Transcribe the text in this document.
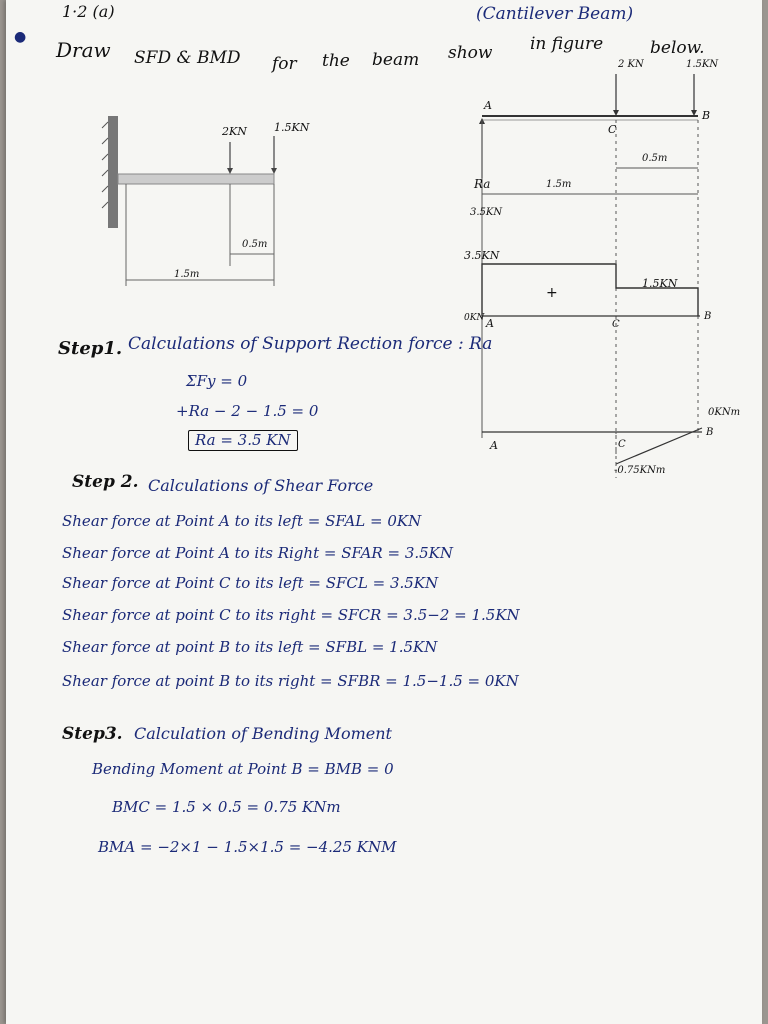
1·2 (a)	(Cantilever Beam)
●
Draw SFD & BMD for the beam show in figure	below.
2KN 1.5KN
0.5m
1.5m
A
2 KN	1.5KN
B
C
0.5m
Ra	1.5m
3.5KN
3.5KN
+
1.5KN
0KN A	C
B
0KNm
A	C
B
-0.75KNm
Step1. Calculations of Support Rection force : Ra
ΣFy = 0
+Ra − 2 − 1.5 = 0
Ra = 3.5 KN
Step 2. Calculations of Shear Force
Shear force at Point A to its left = SFAL = 0KN
Shear force at Point A to its Right = SFAR = 3.5KN
Shear force at Point C to its left = SFCL = 3.5KN
Shear force at point C to its right = SFCR = 3.5−2 = 1.5KN
Shear force at point B to its left = SFBL = 1.5KN
Shear force at point B to its right = SFBR = 1.5−1.5 = 0KN
Step3. Calculation of Bending Moment
Bending Moment at Point B = BMB = 0
BMC = 1.5 × 0.5 = 0.75 KNm
BMA = −2×1 − 1.5×1.5 = −4.25 KNM
